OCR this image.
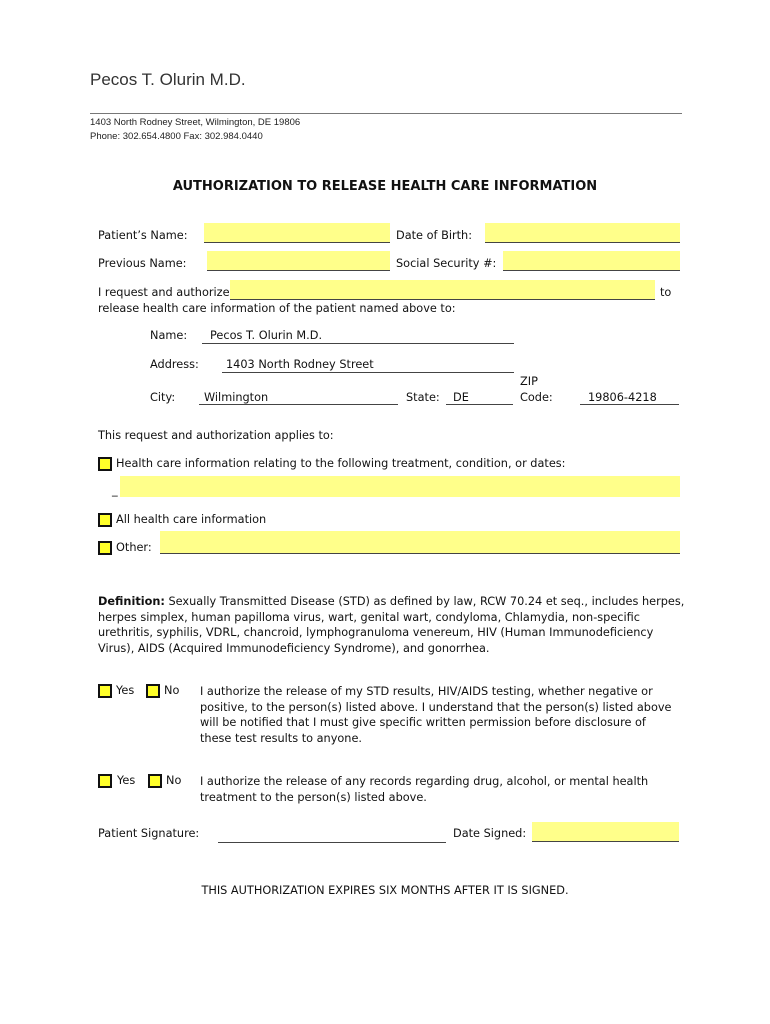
Pecos T. Olurin M.D.
1403 North Rodney Street, Wilmington, DE 19806
Phone: 302.654.4800 Fax: 302.984.0440
AUTHORIZATION TO RELEASE HEALTH CARE INFORMATION
Patient’s Name:	Date of Birth:
Previous Name:	Social Security #:
I request and authorize	to
release health care information of the patient named above to:
Name: Pecos T. Olurin M.D.
Address: 1403 North Rodney Street
City:	Wilmington	State: DE
ZIP
Code:	19806-4218
This request and authorization applies to:
Health care information relating to the following treatment, condition, or dates:
_
All health care information
Other:
Definition: Sexually Transmitted Disease (STD) as defined by law, RCW 70.24 et seq., includes herpes, herpes simplex, human papilloma virus, wart, genital wart, condyloma, Chlamydia, non-specific urethritis, syphilis, VDRL, chancroid, lymphogranuloma venereum, HIV (Human Immunodeficiency Virus), AIDS (Acquired Immunodeficiency Syndrome), and gonorrhea.
Yes	No I authorize the release of my STD results, HIV/AIDS testing, whether negative or positive, to the person(s) listed above. I understand that the person(s) listed above will be notified that I must give specific written permission before disclosure of these test results to anyone.
Yes	No I authorize the release of any records regarding drug, alcohol, or mental health treatment to the person(s) listed above.
Patient Signature:	Date Signed:
THIS AUTHORIZATION EXPIRES SIX MONTHS AFTER IT IS SIGNED.
